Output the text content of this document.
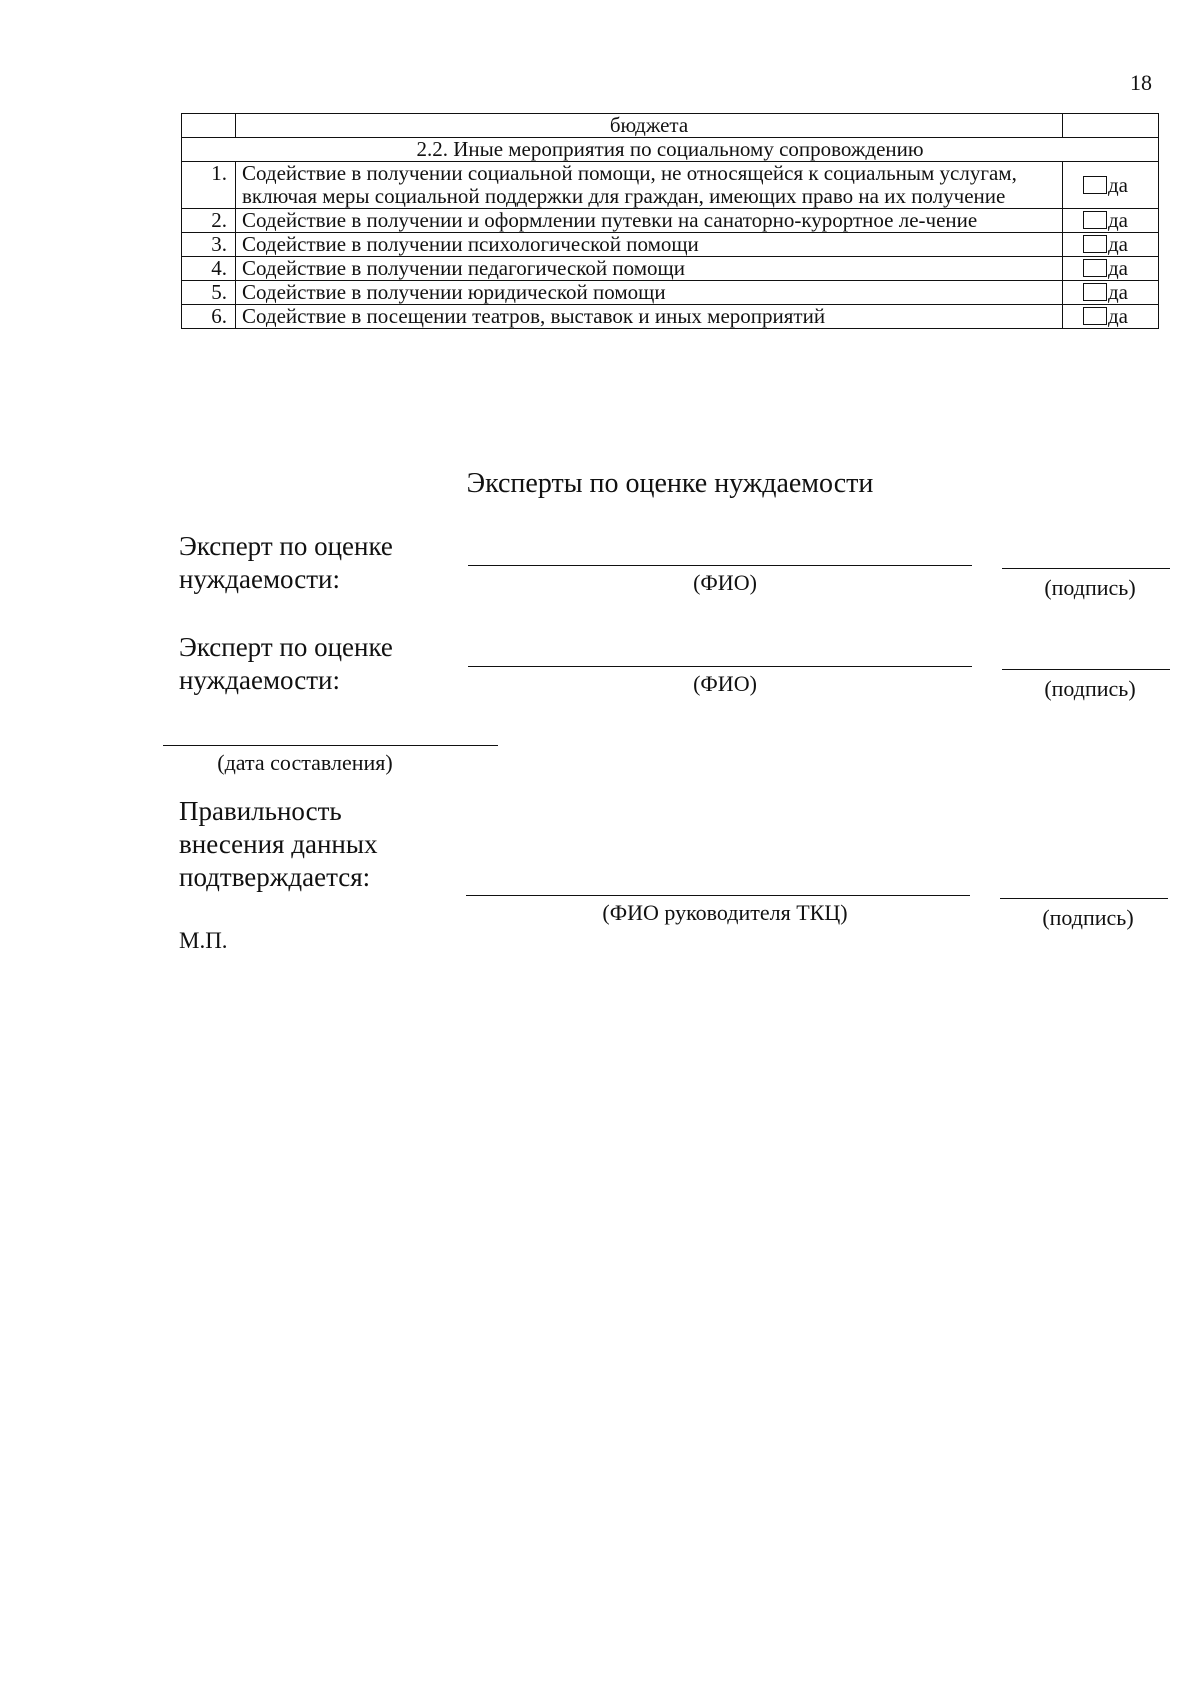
18
	бюджета	
2.2. Иные мероприятия по социальному сопровождению		
1.	Содействие в получении социальной помощи, не относящейся к социальным услугам, включая меры социальной поддержки для граждан, имеющих право на их получение	да
2.	Содействие в получении и оформлении путевки на санаторно-курортное ле-чение	да
3.	Содействие в получении психологической помощи	да
4.	Содействие в получении педагогической помощи	да
5.	Содействие в получении юридической помощи	да
6.	Содействие в посещении театров, выставок и иных мероприятий	да
Эксперты по оценке нуждаемости
Эксперт по оценке
нуждаемости:	(ФИО)	(подпись)
Эксперт по оценке
нуждаемости:	(ФИО)	(подпись)
(дата составления)
Правильность
внесения данных
подтверждается:
(ФИО руководителя ТКЦ)	(подпись)
М.П.
